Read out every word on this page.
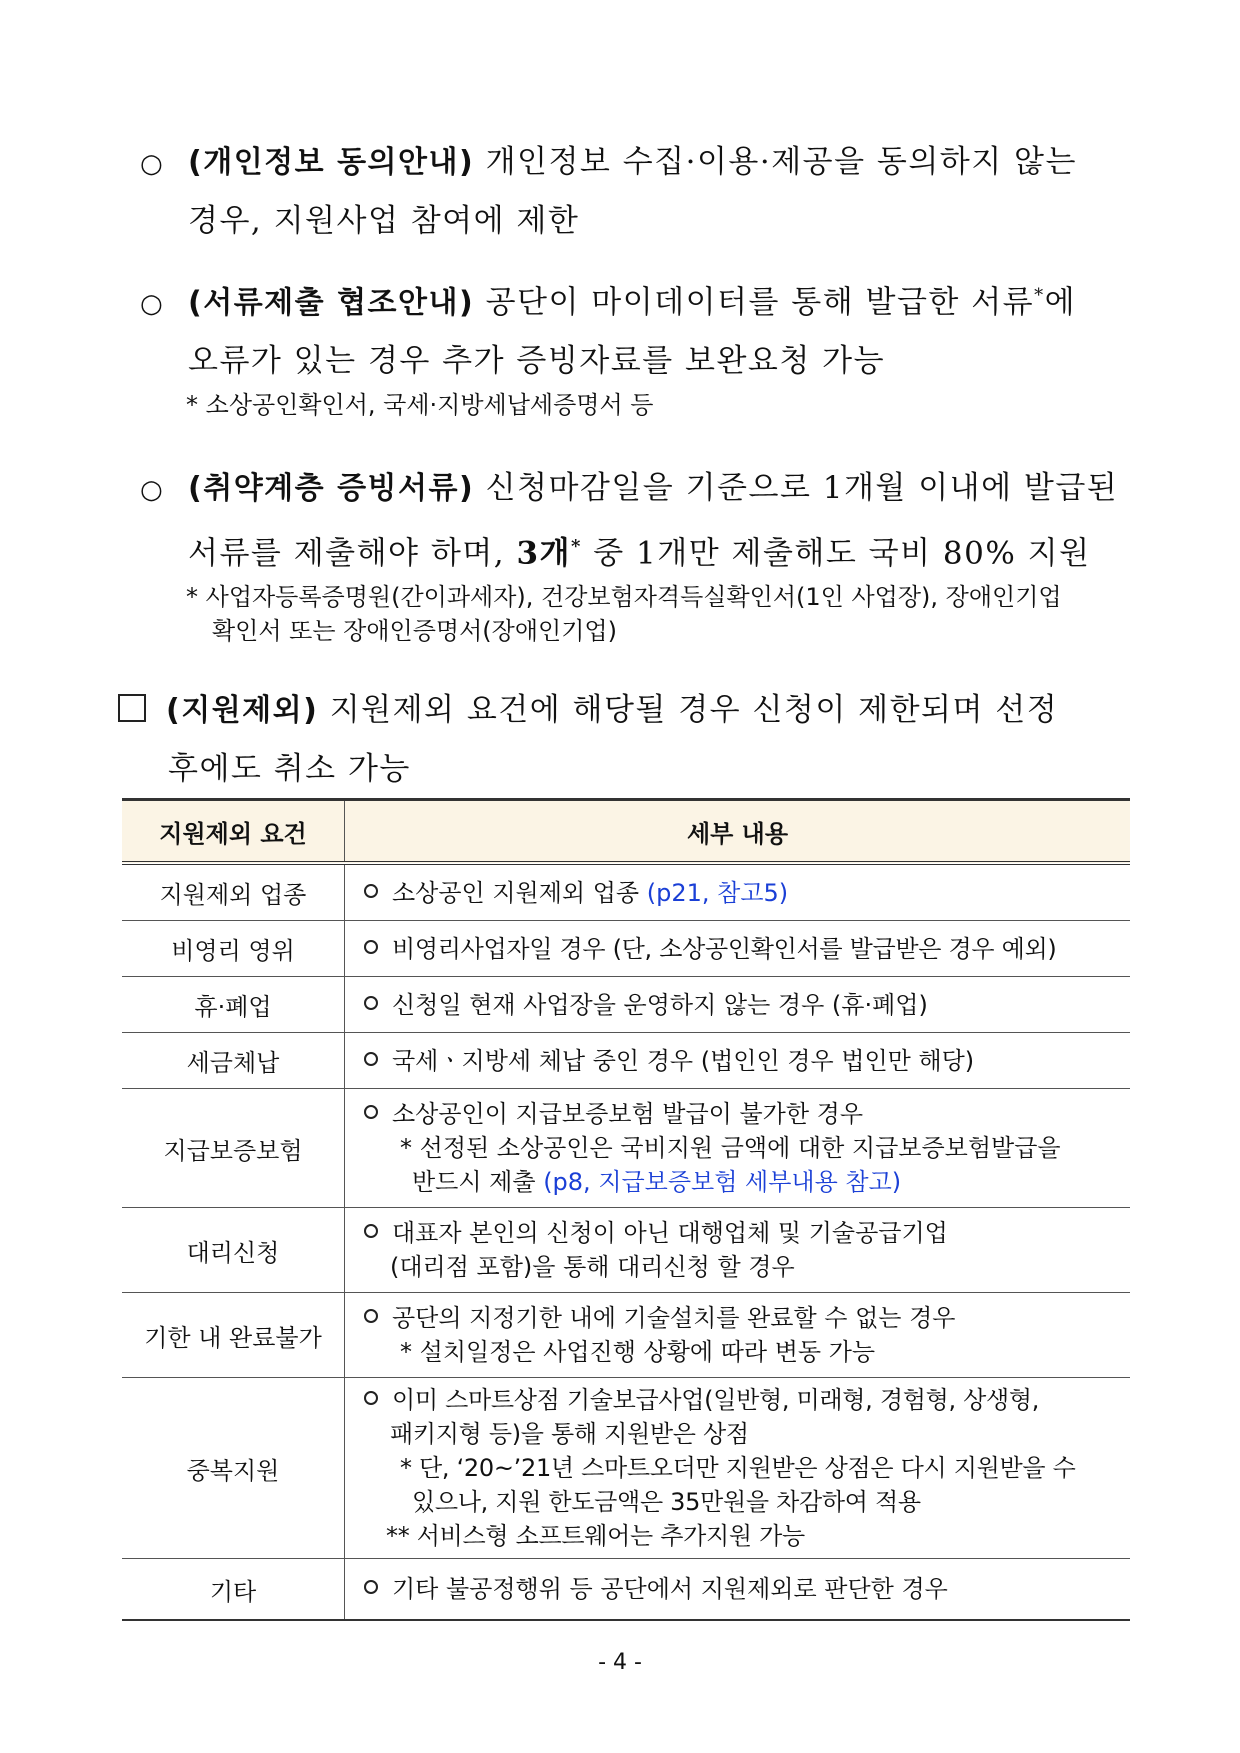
○ (개인정보 동의안내) 개인정보 수집·이용·제공을 동의하지 않는
경우, 지원사업 참여에 제한
○ (서류제출 협조안내) 공단이 마이데이터를 통해 발급한 서류*에
오류가 있는 경우 추가 증빙자료를 보완요청 가능
* 소상공인확인서, 국세·지방세납세증명서 등
○ (취약계층 증빙서류) 신청마감일을 기준으로 1개월 이내에 발급된
서류를 제출해야 하며, 3개* 중 1개만 제출해도 국비 80% 지원
* 사업자등록증명원(간이과세자), 건강보험자격득실확인서(1인 사업장), 장애인기업
확인서 또는 장애인증명서(장애인기업)
(지원제외) 지원제외 요건에 해당될 경우 신청이 제한되며 선정
후에도 취소 가능
지원제외 요건	세부 내용
지원제외 업종	소상공인 지원제외 업종 (p21, 참고5)

비영리 영위	비영리사업자일 경우 (단, 소상공인확인서를 발급받은 경우 예외)

휴·폐업	신청일 현재 사업장을 운영하지 않는 경우 (휴·폐업)

세금체납	국세ㆍ지방세 체납 중인 경우 (법인인 경우 법인만 해당)

지급보증보험	소상공인이 지급보증보험 발급이 불가한 경우
* 선정된 소상공인은 국비지원 금액에 대한 지급보증보험발급을
반드시 제출 (p8, 지급보증보험 세부내용 참고)

대리신청	대표자 본인의 신청이 아닌 대행업체 및 기술공급기업
(대리점 포함)을 통해 대리신청 할 경우

기한 내 완료불가	공단의 지정기한 내에 기술설치를 완료할 수 없는 경우
* 설치일정은 사업진행 상황에 따라 변동 가능

중복지원	이미 스마트상점 기술보급사업(일반형, 미래형, 경험형, 상생형,
패키지형 등)을 통해 지원받은 상점
* 단, ‘20~’21년 스마트오더만 지원받은 상점은 다시 지원받을 수
있으나, 지원 한도금액은 35만원을 차감하여 적용
** 서비스형 소프트웨어는 추가지원 가능

기타	기타 불공정행위 등 공단에서 지원제외로 판단한 경우
- 4 -
